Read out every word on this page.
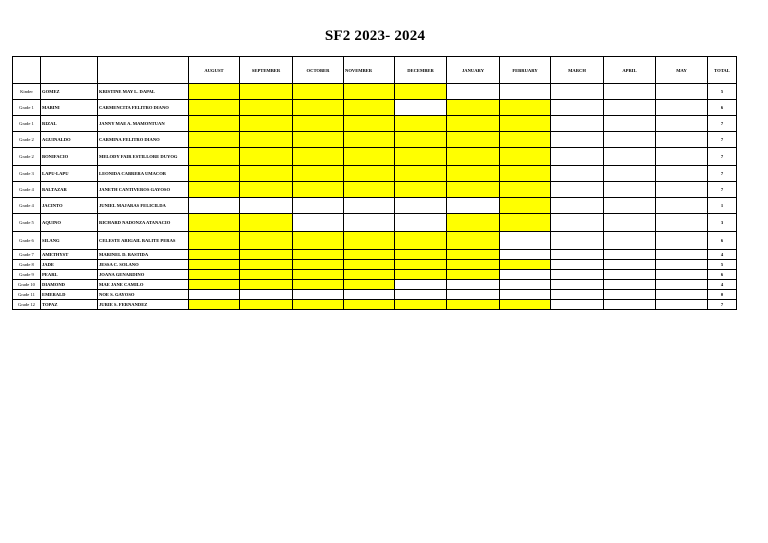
SF2 2023- 2024
			AUGUST	SEPTEMBER	OCTOBER	NOVEMBER	DECEMBER	JANUARY	FEBRUARY	MARCH	APRIL	MAY	TOTAL
Kinder	GOMEZ	KRISTINE MAY L. DAPAL											5
Grade 1	MABINI	CARMENCITA FELITRO DIANO											6
Grade 1	RIZAL	JANNY MAE A. MAMONTUAN											7
Grade 2	AGUINALDO	CARMINA FELITRO DIANO											7
Grade 2	BONIFACIO	MELODY FAIR ESTILLORE DUYOG											7
Grade 3	LAPU-LAPU	LEONIDA CABRERA UMACOB											7
Grade 4	BALTAZAR	JANETH CANTIVEROS GAYOSO											7
Grade 4	JACINTO	JUNIEL MAJARAS FELICILDA											1
Grade 5	AQUINO	RICHARD NADONZA ATANACIO											3
Grade 6	SILANG	CELESTE ABIGAIL BALITE PERAS											6
Grade 7	AMETHYST	MARINEL D. BASTIDA											4
Grade 8	JADE	JESSA C. SOLANO											5
Grade 9	PEARL	JOANA GENARDINO											6
Grade 10	DIAMOND	MAE JANE CAMILO											4
Grade 11	EMERALD	NOE S. GAYOSO											0
Grade 12	TOPAZ	JURIE S. FERNANDEZ											7
